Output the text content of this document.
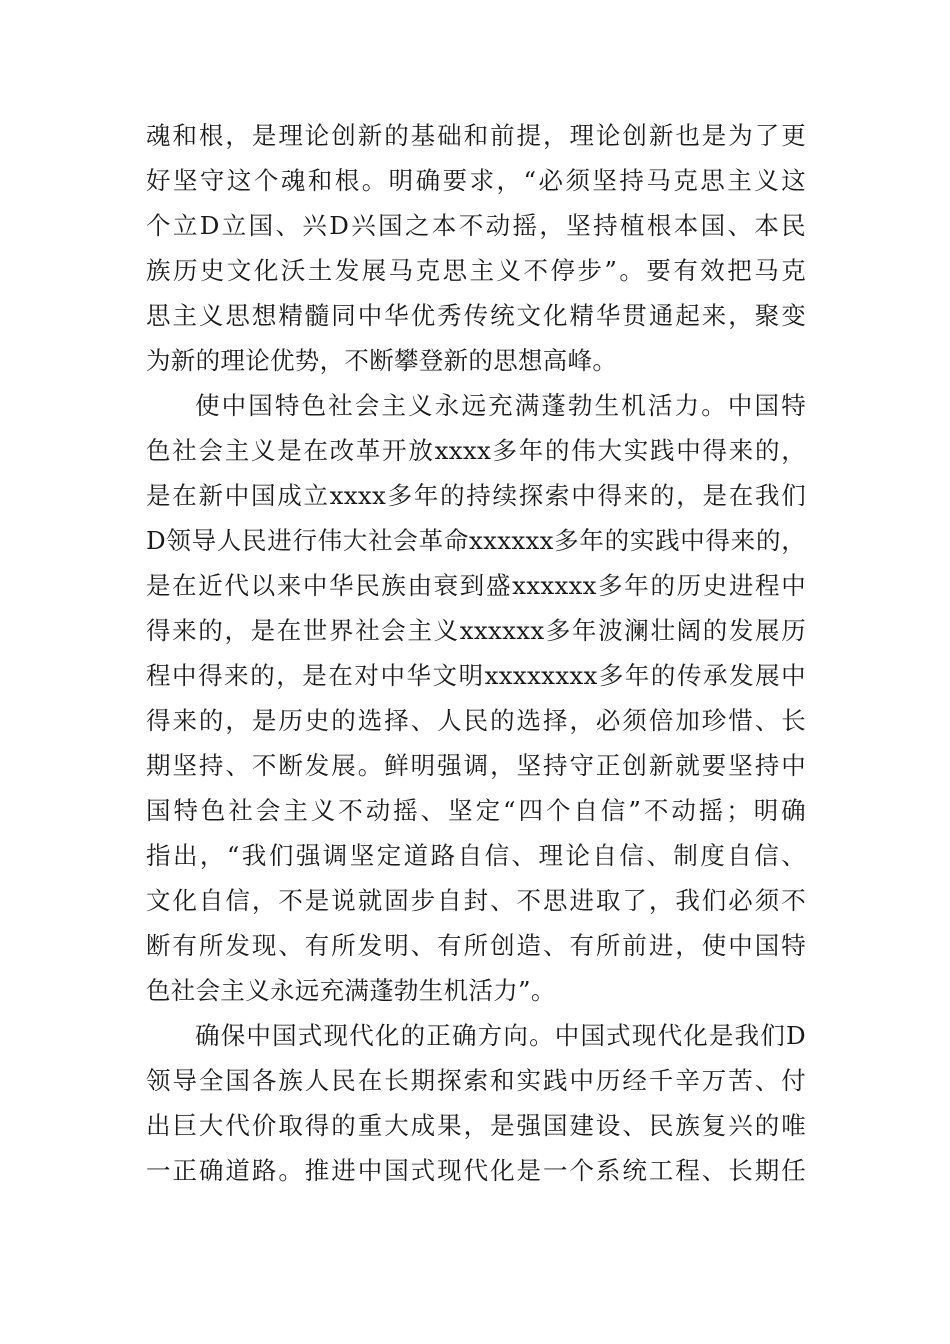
魂和根，是理论创新的基础和前提，理论创新也是为了更
好坚守这个魂和根。明确要求，“必须坚持马克思主义这
个立D立国、兴D兴国之本不动摇，坚持植根本国、本民
族历史文化沃土发展马克思主义不停步”。要有效把马克
思主义思想精髓同中华优秀传统文化精华贯通起来，聚变
为新的理论优势，不断攀登新的思想高峰。
使中国特色社会主义永远充满蓬勃生机活力。中国特
色社会主义是在改革开放xxxx多年的伟大实践中得来的，
是在新中国成立xxxx多年的持续探索中得来的，是在我们
D领导人民进行伟大社会革命xxxxxx多年的实践中得来的，
是在近代以来中华民族由衰到盛xxxxxx多年的历史进程中
得来的，是在世界社会主义xxxxxx多年波澜壮阔的发展历
程中得来的，是在对中华文明xxxxxxxx多年的传承发展中
得来的，是历史的选择、人民的选择，必须倍加珍惜、长
期坚持、不断发展。鲜明强调，坚持守正创新就要坚持中
国特色社会主义不动摇、坚定“四个自信”不动摇；明确
指出，“我们强调坚定道路自信、理论自信、制度自信、
文化自信，不是说就固步自封、不思进取了，我们必须不
断有所发现、有所发明、有所创造、有所前进，使中国特
色社会主义永远充满蓬勃生机活力”。
确保中国式现代化的正确方向。中国式现代化是我们D
领导全国各族人民在长期探索和实践中历经千辛万苦、付
出巨大代价取得的重大成果，是强国建设、民族复兴的唯
一正确道路。推进中国式现代化是一个系统工程、长期任
